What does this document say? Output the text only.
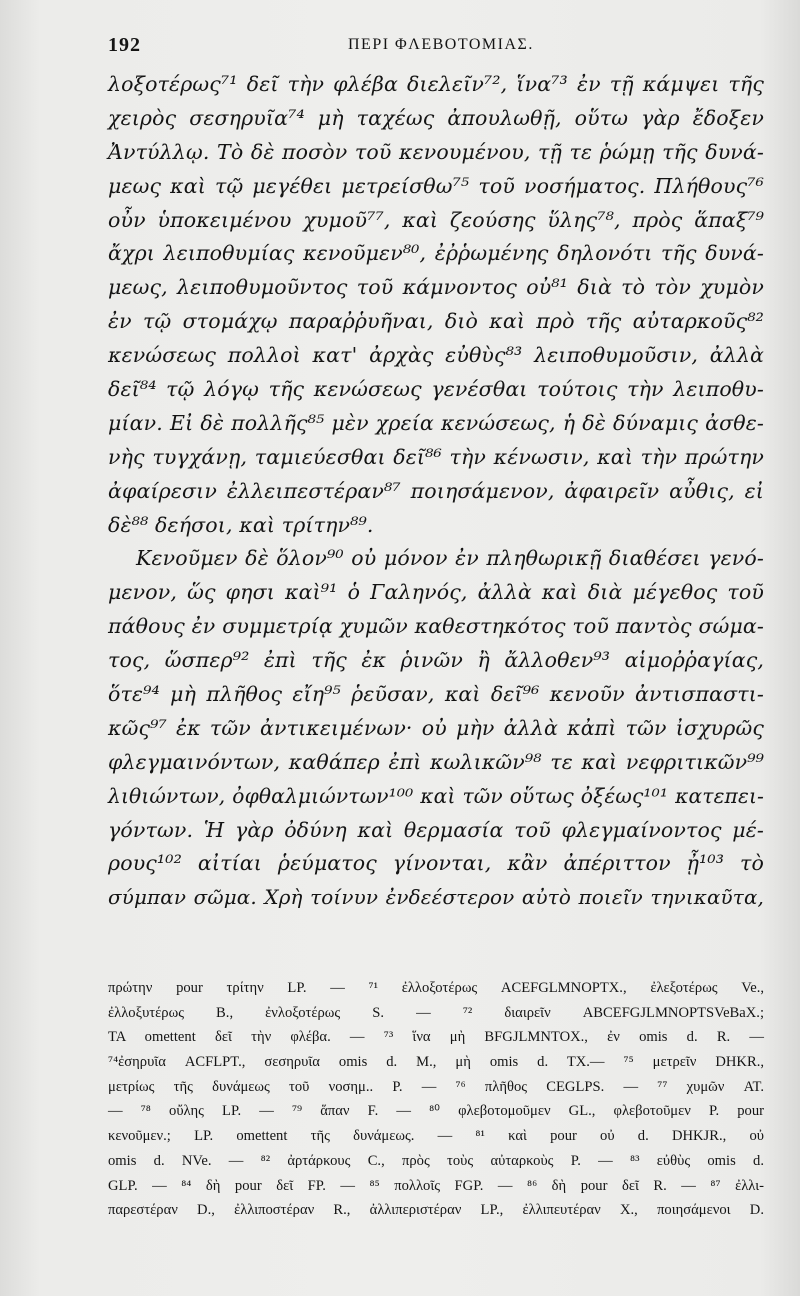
192	ΠΕΡΙ ΦΛΕΒΟΤΟΜΙΑΣ.
λοξοτέρως⁷¹ δεῖ τὴν φλέβα διελεῖν⁷², ἵνα⁷³ ἐν τῇ κάμψει τῆς
χειρὸς σεσηρυῖα⁷⁴ μὴ ταχέως ἀπουλωθῇ, οὕτω γὰρ ἔδοξεν
Ἀντύλλῳ. Τὸ δὲ ποσὸν τοῦ κενουμένου, τῇ τε ῥώμῃ τῆς δυνά-
μεως καὶ τῷ μεγέθει μετρείσθω⁷⁵ τοῦ νοσήματος. Πλήθους⁷⁶
οὖν ὑποκειμένου χυμοῦ⁷⁷, καὶ ζεούσης ὕλης⁷⁸, πρὸς ἅπαξ⁷⁹
ἄχρι λειποθυμίας κενοῦμεν⁸⁰, ἐῤῥωμένης δηλονότι τῆς δυνά-
μεως, λειποθυμοῦντος τοῦ κάμνοντος οὐ⁸¹ διὰ τὸ τὸν χυμὸν
ἐν τῷ στομάχῳ παραῤῥυῆναι, διὸ καὶ πρὸ τῆς αὐταρκοῦς⁸²
κενώσεως πολλοὶ κατ' ἀρχὰς εὐθὺς⁸³ λειποθυμοῦσιν, ἀλλὰ
δεῖ⁸⁴ τῷ λόγῳ τῆς κενώσεως γενέσθαι τούτοις τὴν λειποθυ-
μίαν. Εἰ δὲ πολλῆς⁸⁵ μὲν χρεία κενώσεως, ἡ δὲ δύναμις ἀσθε-
νὴς τυγχάνῃ, ταμιεύεσθαι δεῖ⁸⁶ τὴν κένωσιν, καὶ τὴν πρώτην
ἀφαίρεσιν ἐλλειπεστέραν⁸⁷ ποιησάμενον, ἀφαιρεῖν αὖθις, εἰ
δὲ⁸⁸ δεήσοι, καὶ τρίτην⁸⁹.
Κενοῦμεν δὲ ὅλον⁹⁰ οὐ μόνον ἐν πληθωρικῇ διαθέσει γενό-
μενον, ὥς φησι καὶ⁹¹ ὁ Γαληνός, ἀλλὰ καὶ διὰ μέγεθος τοῦ
πάθους ἐν συμμετρίᾳ χυμῶν καθεστηκότος τοῦ παντὸς σώμα-
τος, ὥσπερ⁹² ἐπὶ τῆς ἐκ ῥινῶν ἢ ἄλλοθεν⁹³ αἱμοῤῥαγίας,
ὅτε⁹⁴ μὴ πλῆθος εἴη⁹⁵ ῥεῦσαν, καὶ δεῖ⁹⁶ κενοῦν ἀντισπαστι-
κῶς⁹⁷ ἐκ τῶν ἀντικειμένων· οὐ μὴν ἀλλὰ κἀπὶ τῶν ἰσχυρῶς
φλεγμαινόντων, καθάπερ ἐπὶ κωλικῶν⁹⁸ τε καὶ νεφριτικῶν⁹⁹
λιθιώντων, ὀφθαλμιώντων¹⁰⁰ καὶ τῶν οὕτως ὀξέως¹⁰¹ κατεπει-
γόντων. Ἡ γὰρ ὀδύνη καὶ θερμασία τοῦ φλεγμαίνοντος μέ-
ρους¹⁰² αἰτίαι ῥεύματος γίνονται, κἂν ἀπέριττον ᾖ¹⁰³ τὸ
σύμπαν σῶμα. Χρὴ τοίνυν ἐνδεέστερον αὐτὸ ποιεῖν τηνικαῦτα,
πρώτην pour τρίτην LP. — ⁷¹ ἐλλοξοτέρως ACEFGLMNOPTX., ἐλεξοτέρως Ve.,
ἐλλοξυτέρως B., ἐνλοξοτέρως S. — ⁷² διαιρεῖν ABCEFGJLMNOPTSVeBaX.;
TA omettent δεῖ τὴν φλέβα. — ⁷³ ἵνα μὴ BFGJLMNTOX., ἐν omis d. R. —
⁷⁴ἐσηρυῖα ACFLPT., σεσηρυῖα omis d. M., μὴ omis d. TX.— ⁷⁵ μετρεῖν DHKR.,
μετρίως τῆς δυνάμεως τοῦ νοσημ.. P. — ⁷⁶ πλῆθος CEGLPS. — ⁷⁷ χυμῶν AT.
— ⁷⁸ οὔλης LP. — ⁷⁹ ἅπαν F. — ⁸⁰ φλεβοτομοῦμεν GL., φλεβοτοῦμεν P. pour
κενοῦμεν.; LP. omettent τῆς δυνάμεως. — ⁸¹ καὶ pour οὐ d. DHKJR., οὐ
omis d. NVe. — ⁸² ἀρτάρκους C., πρὸς τοὺς αὐταρκοὺς P. — ⁸³ εὐθὺς omis d.
GLP. — ⁸⁴ δὴ pour δεῖ FP. — ⁸⁵ πολλοῖς FGP. — ⁸⁶ δὴ pour δεῖ R. — ⁸⁷ ἐλλι-
παρεστέραν D., ἐλλιποστέραν R., ἀλλιπεριστέραν LP., ἐλλιπευτέραν X., ποιησάμενοι D.
